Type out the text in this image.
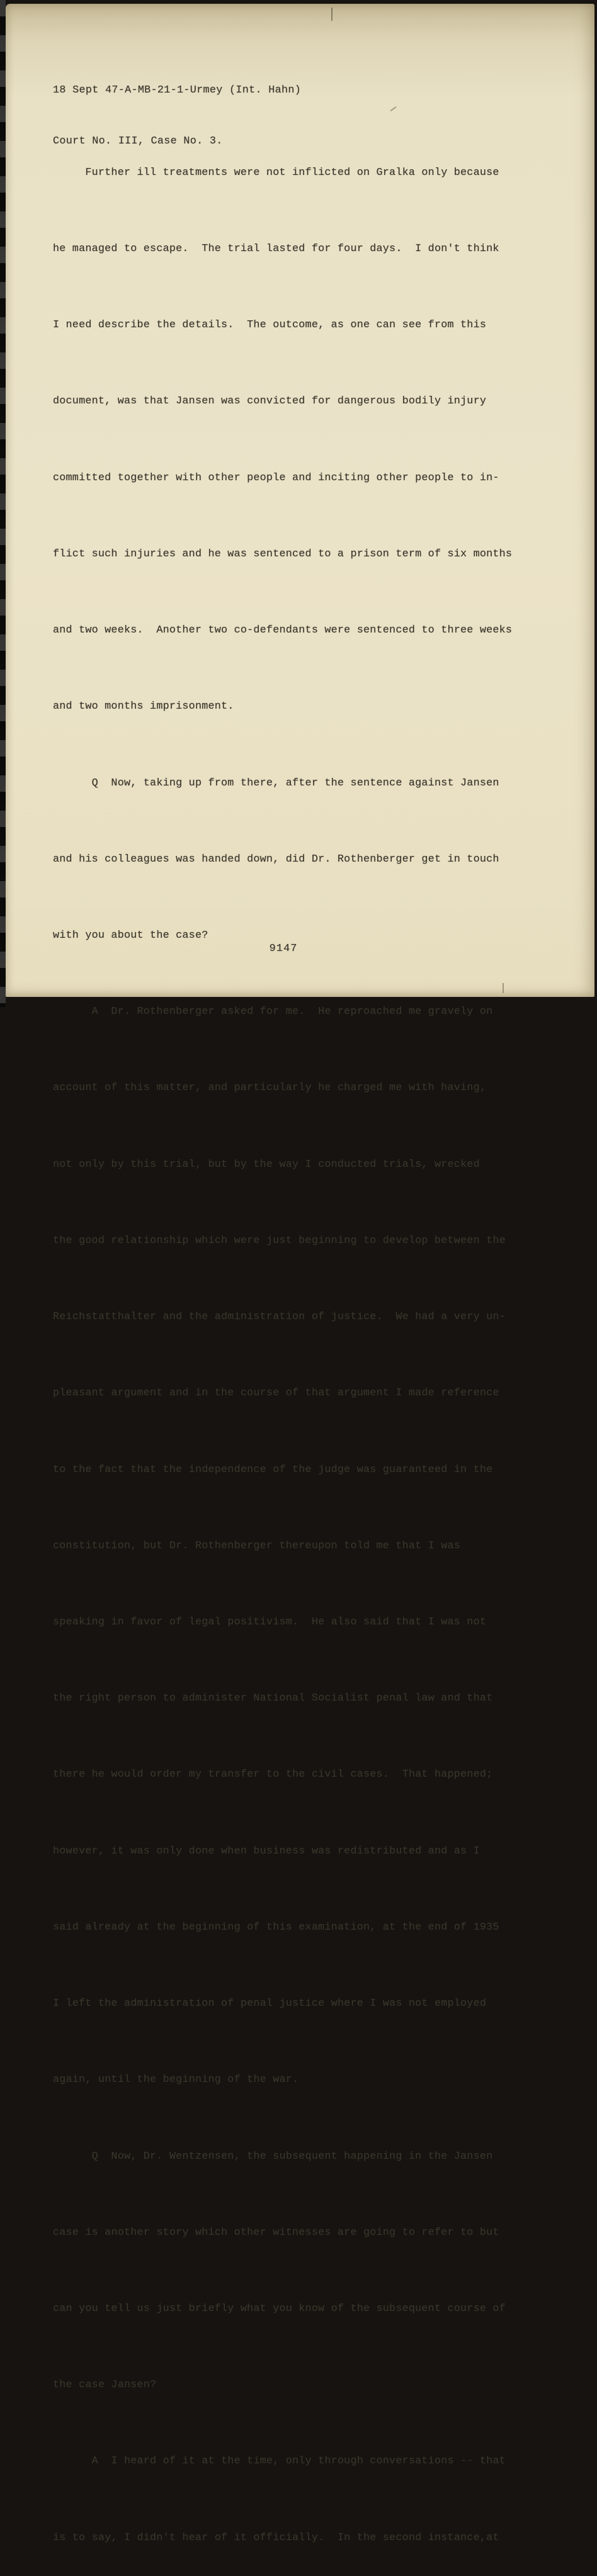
18 Sept 47-A-MB-21-1-Urmey (Int. Hahn)

Court No. III, Case No. 3.

Further ill treatments were not inflicted on Gralka only because

he managed to escape.  The trial lasted for four days.  I don't think

I need describe the details.  The outcome, as one can see from this

document, was that Jansen was convicted for dangerous bodily injury

committed together with other people and inciting other people to in-

flict such injuries and he was sentenced to a prison term of six months

and two weeks.  Another two co-defendants were sentenced to three weeks

and two months imprisonment.

Q  Now, taking up from there, after the sentence against Jansen

and his colleagues was handed down, did Dr. Rothenberger get in touch

with you about the case?

A  Dr. Rothenberger asked for me.  He reproached me gravely on

account of this matter, and particularly he charged me with having,

not only by this trial, but by the way I conducted trials, wrecked

the good relationship which were just beginning to develop between the

Reichstatthalter and the administration of justice.  We had a very un-

pleasant argument and in the course of that argument I made reference

to the fact that the independence of the judge was guaranteed in the

constitution, but Dr. Rothenberger thereupon told me that I was

speaking in favor of legal positivism.  He also said that I was not

the right person to administer National Socialist penal law and that

there he would order my transfer to the civil cases.  That happened;

however, it was only done when business was redistributed and as I

said already at the beginning of this examination, at the end of 1935

I left the administration of penal justice where I was not employed

again, until the beginning of the war.

Q  Now, Dr. Wentzensen, the subsequent happening in the Jansen

case is another story which other witnesses are going to refer to but

can you tell us just briefly what you know of the subsequent course of

the case Jansen?

A  I heard of it at the time, only through conversations -- that

is to say, I didn't hear of it officially.  In the second instance,at

9147
